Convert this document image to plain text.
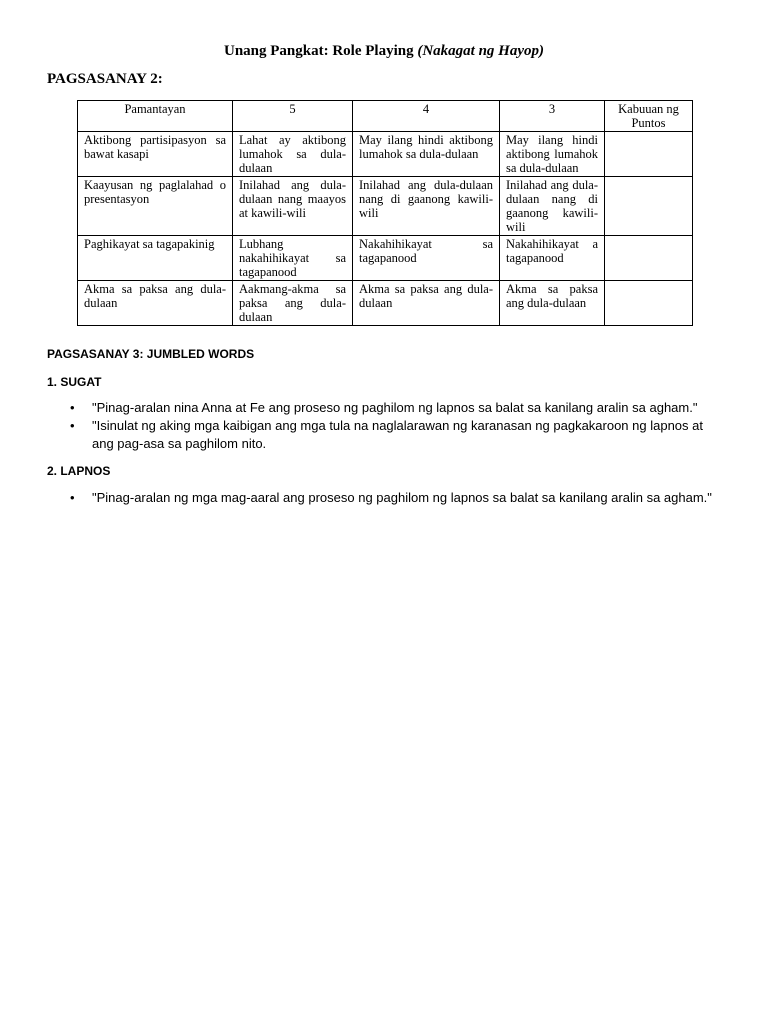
Unang Pangkat: Role Playing (Nakagat ng Hayop)
PAGSASANAY 2:
Pamantayan	5	4	3	Kabuuan ng Puntos
Aktibong partisipasyon sa bawat kasapi	Lahat ay aktibong lumahok sa dula-dulaan	May ilang hindi aktibong lumahok sa dula-dulaan	May ilang hindi aktibong lumahok sa dula-dulaan	
Kaayusan ng paglalahad o presentasyon	Inilahad ang dula-dulaan nang maayos at kawili-wili	Inilahad ang dula-dulaan nang di gaanong kawili-wili	Inilahad ang dula-dulaan nang di gaanong kawili-wili	
Paghikayat sa tagapakinig	Lubhang nakahihikayat sa tagapanood	Nakahihikayat sa tagapanood	Nakahihikayat a tagapanood	
Akma sa paksa ang dula-dulaan	Aakmang-akma sa paksa ang dula-dulaan	Akma sa paksa ang dula-dulaan	Akma sa paksa ang dula-dulaan	
PAGSASANAY 3: JUMBLED WORDS
1. SUGAT
• "Pinag-aralan nina Anna at Fe ang proseso ng paghilom ng lapnos sa balat sa kanilang aralin sa agham."
• "Isinulat ng aking mga kaibigan ang mga tula na naglalarawan ng karanasan ng pagkakaroon ng lapnos at ang pag-asa sa paghilom nito.
2. LAPNOS
• "Pinag-aralan ng mga mag-aaral ang proseso ng paghilom ng lapnos sa balat sa kanilang aralin sa agham."
